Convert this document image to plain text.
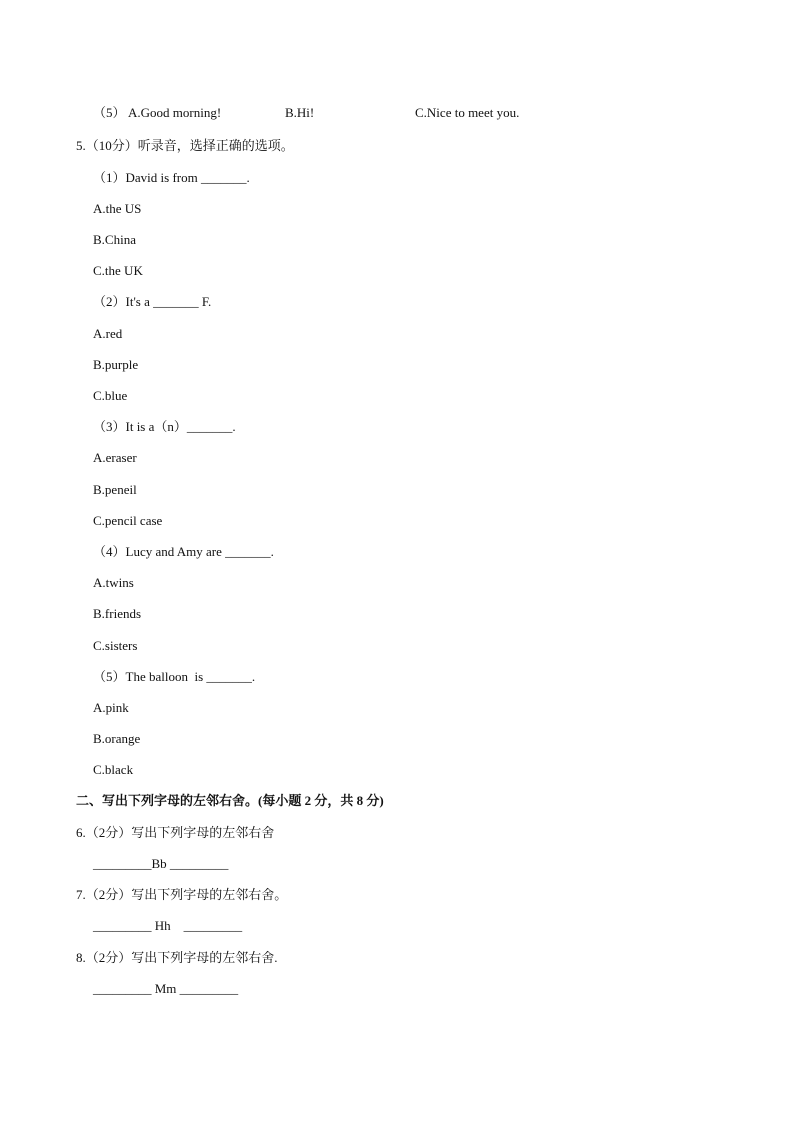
（5） A.Good morning!	B.Hi!	C.Nice to meet you.
5.（10分）听录音，选择正确的选项。
（1）David is from _______.
A.the US
B.China
C.the UK
（2）It's a _______ F.
A.red
B.purple
C.blue
（3）It is a（n）_______.
A.eraser
B.peneil
C.pencil case
（4）Lucy and Amy are _______.
A.twins
B.friends
C.sisters
（5）The balloon  is _______.
A.pink
B.orange
C.black
二、写出下列字母的左邻右舍。(每小题 2 分，共 8 分)
6.（2分）写出下列字母的左邻右舍
_________Bb _________
7.（2分）写出下列字母的左邻右舍。
_________ Hh    _________
8.（2分）写出下列字母的左邻右舍.
_________ Mm _________
